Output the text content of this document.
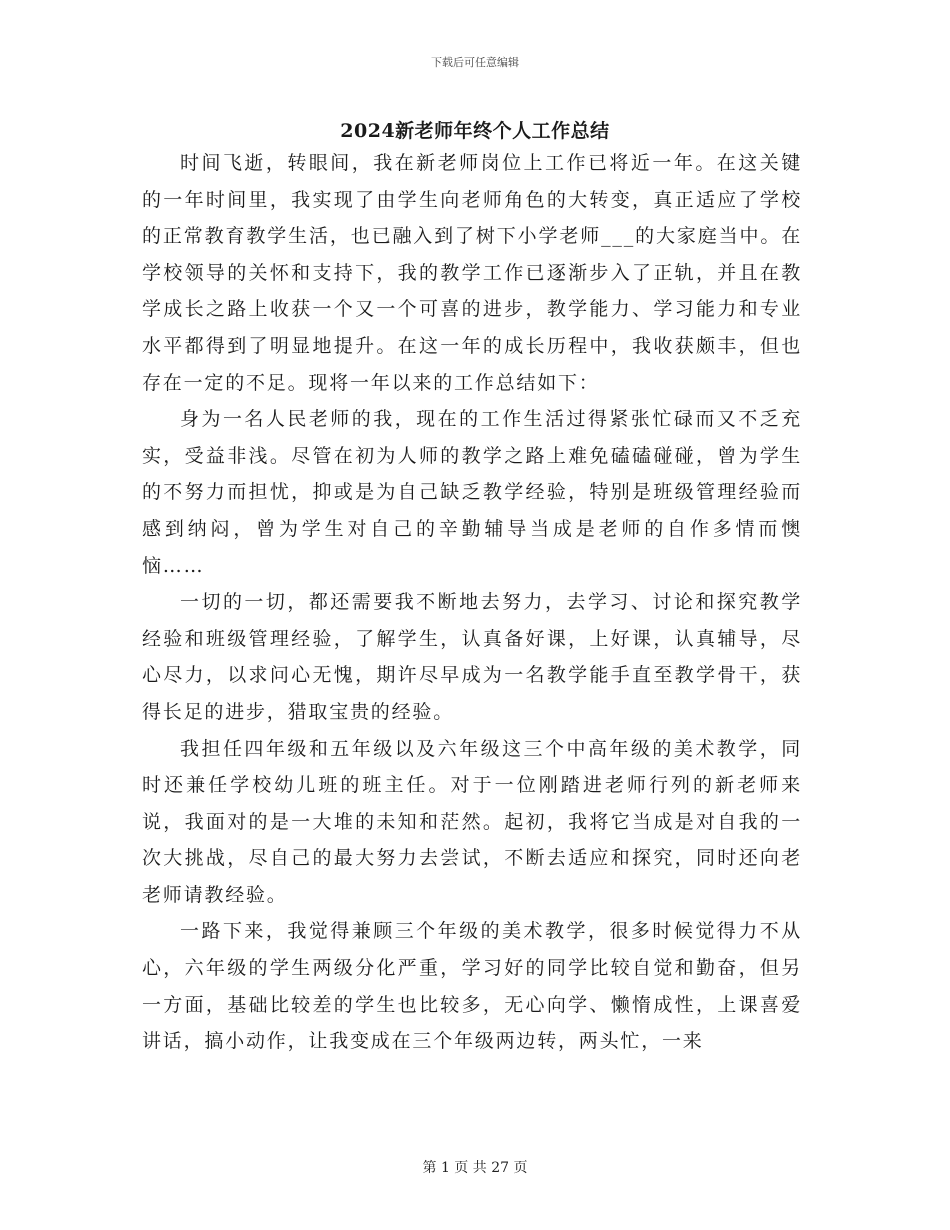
下载后可任意编辑
2024新老师年终个人工作总结

时间飞逝，转眼间，我在新老师岗位上工作已将近一年。在这关键的一年时间里，我实现了由学生向老师角色的大转变，真正适应了学校的正常教育教学生活，也已融入到了树下小学老师___的大家庭当中。在学校领导的关怀和支持下，我的教学工作已逐渐步入了正轨，并且在教学成长之路上收获一个又一个可喜的进步，教学能力、学习能力和专业水平都得到了明显地提升。在这一年的成长历程中，我收获颇丰，但也存在一定的不足。现将一年以来的工作总结如下：

身为一名人民老师的我，现在的工作生活过得紧张忙碌而又不乏充实，受益非浅。尽管在初为人师的教学之路上难免磕磕碰碰，曾为学生的不努力而担忧，抑或是为自己缺乏教学经验，特别是班级管理经验而感到纳闷，曾为学生对自己的辛勤辅导当成是老师的自作多情而懊恼……

一切的一切，都还需要我不断地去努力，去学习、讨论和探究教学经验和班级管理经验，了解学生，认真备好课，上好课，认真辅导，尽心尽力，以求问心无愧，期许尽早成为一名教学能手直至教学骨干，获得长足的进步，猎取宝贵的经验。

我担任四年级和五年级以及六年级这三个中高年级的美术教学，同时还兼任学校幼儿班的班主任。对于一位刚踏进老师行列的新老师来说，我面对的是一大堆的未知和茫然。起初，我将它当成是对自我的一次大挑战，尽自己的最大努力去尝试，不断去适应和探究，同时还向老老师请教经验。

一路下来，我觉得兼顾三个年级的美术教学，很多时候觉得力不从心，六年级的学生两级分化严重，学习好的同学比较自觉和勤奋，但另一方面，基础比较差的学生也比较多，无心向学、懒惰成性，上课喜爱讲话，搞小动作，让我变成在三个年级两边转，两头忙，一来

第 1 页 共 27 页
